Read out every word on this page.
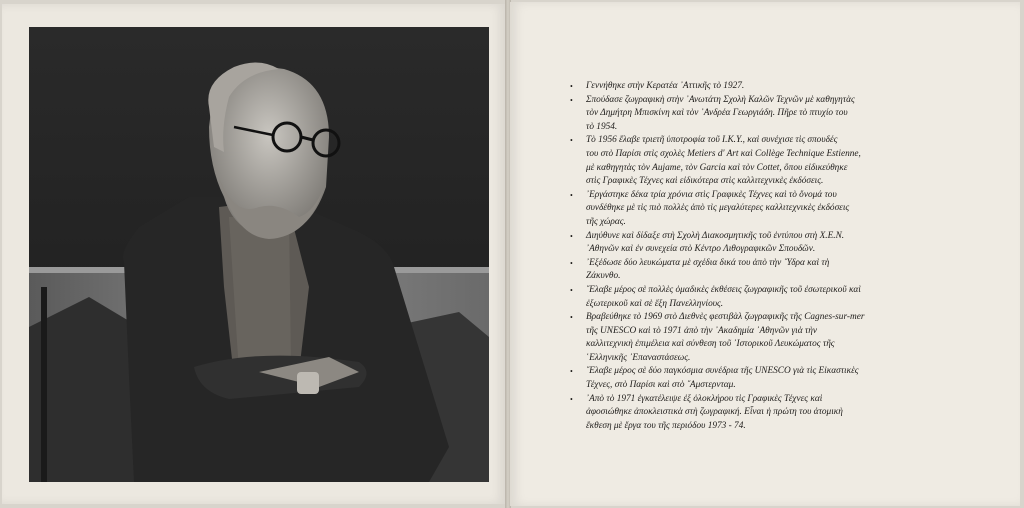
• Γεννήθηκε στὴν Κερατέα ᾿Αττικῆς τὸ 1927.
• Σπούδασε ζωγραφικὴ στὴν ᾿Ανωτάτη Σχολὴ Καλῶν Τεχνῶν μὲ καθηγητὰς
τὸν Δημήτρη Μπισκίνη καὶ τὸν ᾿Ανδρέα Γεωργιάδη. Πῆρε τὸ πτυχίο του
τὸ 1954.
• Τὸ 1956 ἔλαβε τριετῆ ὑποτροφία τοῦ I.K.Y., καὶ συνέχισε τὶς σπουδές
του στὸ Παρίσι στὶς σχολὲς Metiers d' Art καὶ Collège Technique Estienne,
μὲ καθηγητὰς τὸν Aujame, τὸν Garcia καὶ τὸν Cottet, ὅπου εἰδικεύθηκε
στὶς Γραφικὲς Τέχνες καὶ εἰδικότερα στὶς καλλιτεχνικὲς ἐκδόσεις.
• ᾿Εργάστηκε δέκα τρία χρόνια στὶς Γραφικὲς Τέχνες καὶ τὸ ὄνομά του
συνδέθηκε μὲ τὶς πιὸ πολλὲς ἀπὸ τὶς μεγαλύτερες καλλιτεχνικὲς ἐκδόσεις
τῆς χώρας.
• Διηύθυνε καὶ δίδαξε στὴ Σχολὴ Διακοσμητικῆς τοῦ ἐντύπου στὴ Χ.Ε.Ν.
᾿Αθηνῶν καὶ ἐν συνεχεία στὸ Κέντρο Λιθογραφικῶν Σπουδῶν.
• ᾿Εξέδωσε δύο λευκώματα μὲ σχέδια δικά του ἀπὸ τὴν ῞Υδρα καὶ τὴ
Ζάκυνθο.
• ῎Ελαβε μέρος σὲ πολλὲς ὁμαδικὲς ἐκθέσεις ζωγραφικῆς τοῦ ἐσωτερικοῦ καὶ
ἐξωτερικοῦ καὶ σὲ ἕξη Πανελληνίους.
• Βραβεύθηκε τὸ 1969 στὸ Διεθνὲς φεστιβὰλ ζωγραφικῆς τῆς Cagnes-sur-mer
τῆς UNESCO καὶ τὸ 1971 ἀπὸ τὴν ᾿Ακαδημία ᾿Αθηνῶν γιὰ τὴν
καλλιτεχνικὴ ἐπιμέλεια καὶ σύνθεση τοῦ ᾿Ιστορικοῦ Λευκώματος τῆς
῾Ελληνικῆς ᾿Επαναστάσεως.
• ῎Ελαβε μέρος σὲ δύο παγκόσμια συνέδρια τῆς UNESCO γιὰ τὶς Εἰκαστικὲς
Τέχνες, στὸ Παρίσι καὶ στὸ ῎Αμστερνταμ.
• ᾿Απὸ τὸ 1971 ἐγκατέλειψε ἐξ ὁλοκλήρου τὶς Γραφικὲς Τέχνες καὶ
ἀφοσιώθηκε ἀποκλειστικὰ στὴ ζωγραφική. Εἶναι ἡ πρώτη του ἀτομικὴ
ἔκθεση μὲ ἔργα του τῆς περιόδου 1973 - 74.
